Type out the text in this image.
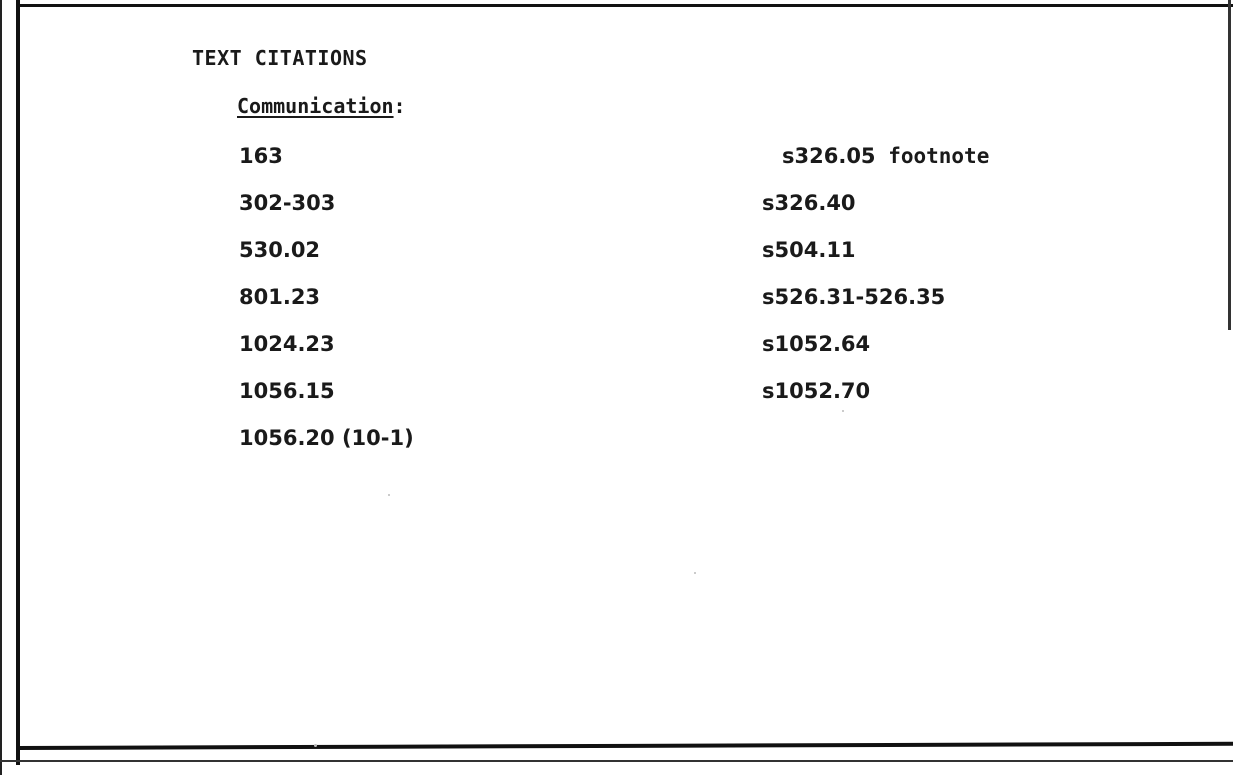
TEXT CITATIONS
Communication:
163
302-303
530.02
801.23
1024.23
1056.15
1056.20 (10-1)
s326.05 footnote
s326.40
s504.11
s526.31-526.35
s1052.64
s1052.70
